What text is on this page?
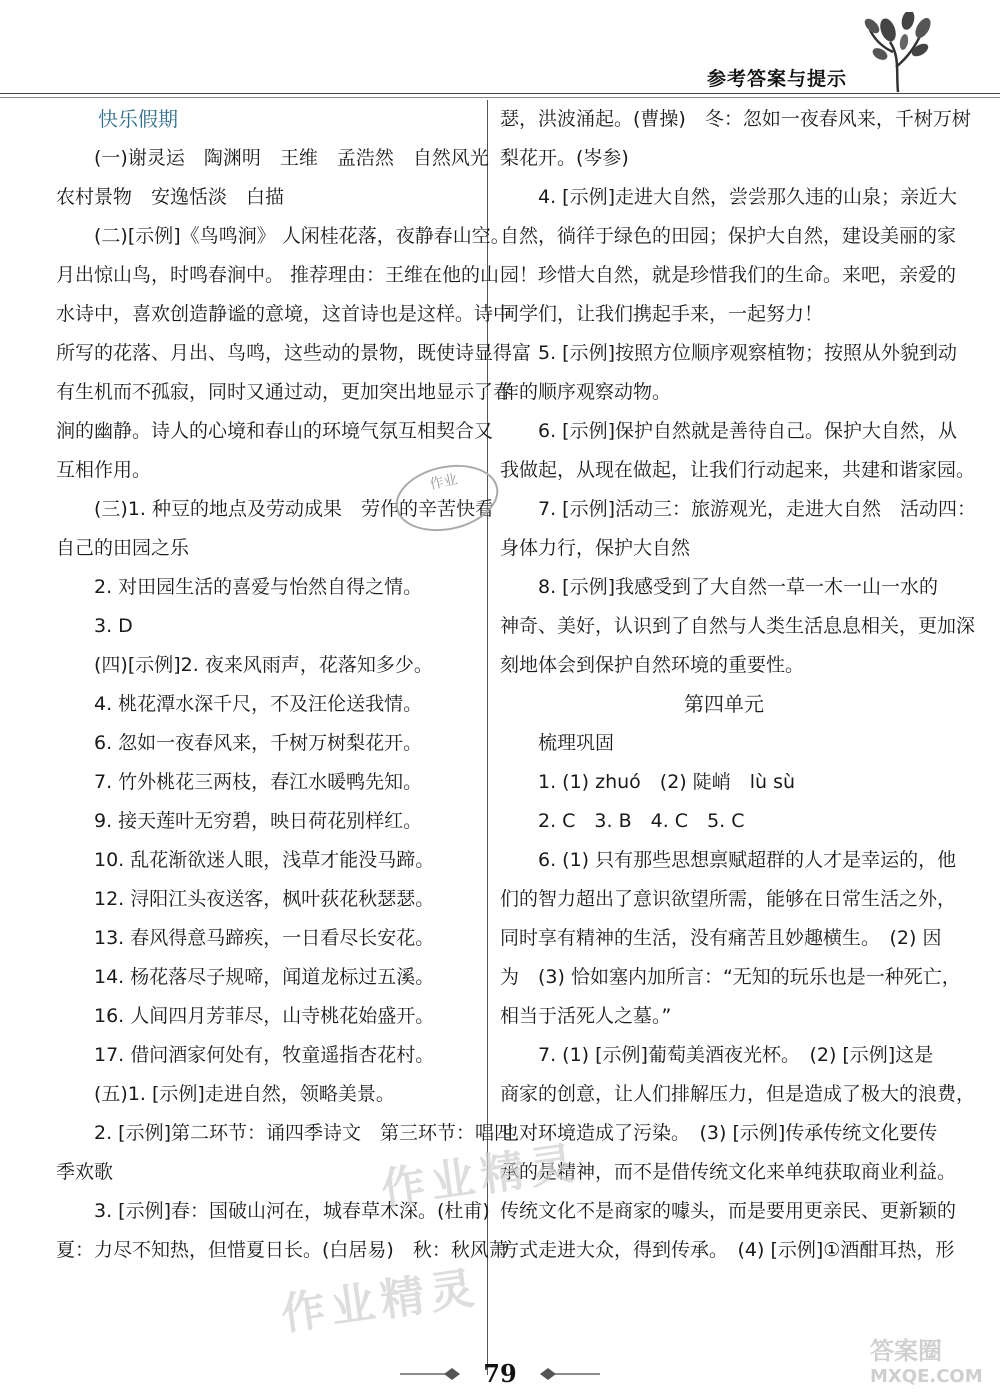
参考答案与提示
快乐假期
(一)谢灵运　陶渊明　王维　孟浩然　自然风光
农村景物　安逸恬淡　白描
(二)[示例]《鸟鸣涧》 人闲桂花落，夜静春山空。
月出惊山鸟，时鸣春涧中。 推荐理由：王维在他的山
水诗中，喜欢创造静谧的意境，这首诗也是这样。诗中
所写的花落、月出、鸟鸣，这些动的景物，既使诗显得富
有生机而不孤寂，同时又通过动，更加突出地显示了春
涧的幽静。诗人的心境和春山的环境气氛互相契合又
互相作用。
(三)1. 种豆的地点及劳动成果　劳作的辛苦快看
自己的田园之乐
2. 对田园生活的喜爱与怡然自得之情。
3. D
(四)[示例]2. 夜来风雨声，花落知多少。
4. 桃花潭水深千尺，不及汪伦送我情。
6. 忽如一夜春风来，千树万树梨花开。
7. 竹外桃花三两枝，春江水暖鸭先知。
9. 接天莲叶无穷碧，映日荷花别样红。
10. 乱花渐欲迷人眼，浅草才能没马蹄。
12. 浔阳江头夜送客，枫叶荻花秋瑟瑟。
13. 春风得意马蹄疾，一日看尽长安花。
14. 杨花落尽子规啼，闻道龙标过五溪。
16. 人间四月芳菲尽，山寺桃花始盛开。
17. 借问酒家何处有，牧童遥指杏花村。
(五)1. [示例]走进自然，领略美景。
2. [示例]第二环节：诵四季诗文　第三环节：唱四
季欢歌
3. [示例]春：国破山河在，城春草木深。(杜甫)
夏：力尽不知热，但惜夏日长。(白居易)　秋：秋风萧
瑟，洪波涌起。(曹操)　冬：忽如一夜春风来，千树万树
梨花开。(岑参)
4. [示例]走进大自然，尝尝那久违的山泉；亲近大
自然，徜徉于绿色的田园；保护大自然，建设美丽的家
园！珍惜大自然，就是珍惜我们的生命。来吧，亲爱的
同学们，让我们携起手来，一起努力！
5. [示例]按照方位顺序观察植物；按照从外貌到动
作的顺序观察动物。
6. [示例]保护自然就是善待自己。保护大自然，从
我做起，从现在做起，让我们行动起来，共建和谐家园。
7. [示例]活动三：旅游观光，走进大自然　活动四：
身体力行，保护大自然
8. [示例]我感受到了大自然一草一木一山一水的
神奇、美好，认识到了自然与人类生活息息相关，更加深
刻地体会到保护自然环境的重要性。
第四单元
梳理巩固
1. (1) zhuó　(2) 陡峭　lù sù
2. C　3. B　4. C　5. C
6. (1) 只有那些思想禀赋超群的人才是幸运的，他
们的智力超出了意识欲望所需，能够在日常生活之外，
同时享有精神的生活，没有痛苦且妙趣横生。　(2) 因
为　(3) 恰如塞内加所言：“无知的玩乐也是一种死亡，
相当于活死人之墓。”
7. (1) [示例]葡萄美酒夜光杯。　(2) [示例]这是
商家的创意，让人们排解压力，但是造成了极大的浪费，
也对环境造成了污染。　(3) [示例]传承传统文化要传
承的是精神，而不是借传统文化来单纯获取商业利益。
传统文化不是商家的噱头，而是要用更亲民、更新颖的
方式走进大众，得到传承。　(4) [示例]①酒酣耳热，形
作业
作业精灵
作业精灵
79
答案圈
MXQE.COM
